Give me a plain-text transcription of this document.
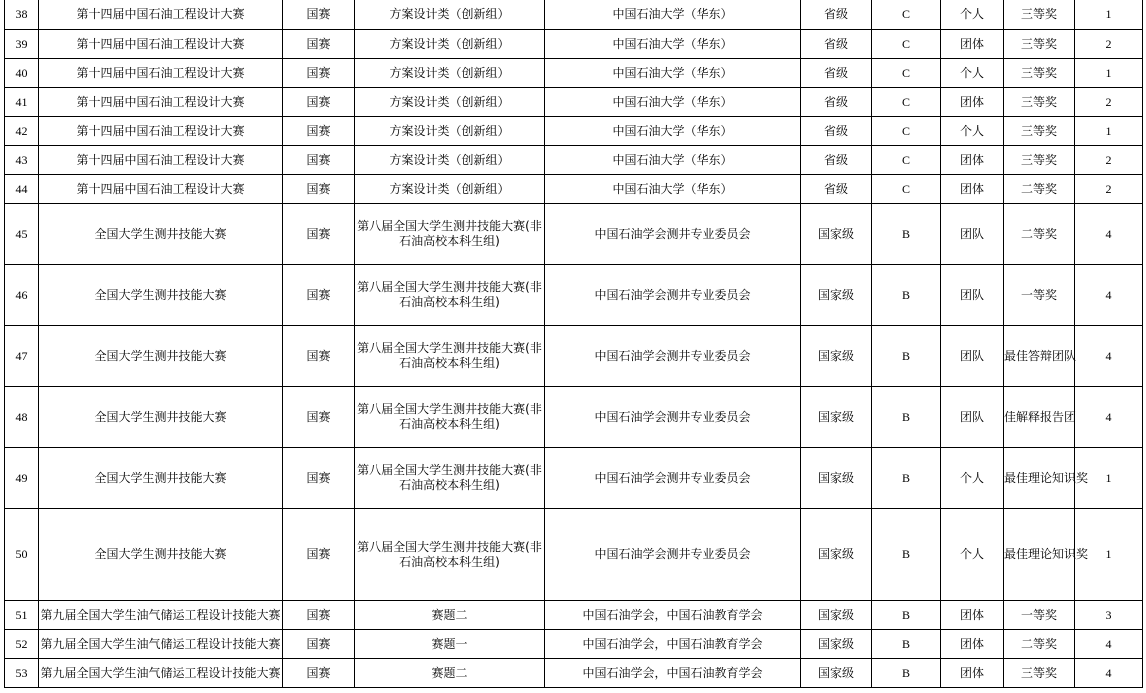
38	第十四届中国石油工程设计大赛	国赛	方案设计类（创新组）	中国石油大学（华东）	省级	C	个人	三等奖	1
39	第十四届中国石油工程设计大赛	国赛	方案设计类（创新组）	中国石油大学（华东）	省级	C	团体	三等奖	2
40	第十四届中国石油工程设计大赛	国赛	方案设计类（创新组）	中国石油大学（华东）	省级	C	个人	三等奖	1
41	第十四届中国石油工程设计大赛	国赛	方案设计类（创新组）	中国石油大学（华东）	省级	C	团体	三等奖	2
42	第十四届中国石油工程设计大赛	国赛	方案设计类（创新组）	中国石油大学（华东）	省级	C	个人	三等奖	1
43	第十四届中国石油工程设计大赛	国赛	方案设计类（创新组）	中国石油大学（华东）	省级	C	团体	三等奖	2
44	第十四届中国石油工程设计大赛	国赛	方案设计类（创新组）	中国石油大学（华东）	省级	C	团体	二等奖	2
45	全国大学生测井技能大赛	国赛	第八届全国大学生测井技能大赛(非石油高校本科生组)	中国石油学会测井专业委员会	国家级	B	团队	二等奖	4
46	全国大学生测井技能大赛	国赛	第八届全国大学生测井技能大赛(非石油高校本科生组)	中国石油学会测井专业委员会	国家级	B	团队	一等奖	4
47	全国大学生测井技能大赛	国赛	第八届全国大学生测井技能大赛(非石油高校本科生组)	中国石油学会测井专业委员会	国家级	B	团队	最佳答辩团队	4
48	全国大学生测井技能大赛	国赛	第八届全国大学生测井技能大赛(非石油高校本科生组)	中国石油学会测井专业委员会	国家级	B	团队	佳解释报告团	4
49	全国大学生测井技能大赛	国赛	第八届全国大学生测井技能大赛(非石油高校本科生组)	中国石油学会测井专业委员会	国家级	B	个人	最佳理论知识奖	1
50	全国大学生测井技能大赛	国赛	第八届全国大学生测井技能大赛(非石油高校本科生组)	中国石油学会测井专业委员会	国家级	B	个人	最佳理论知识奖	1
51	第九届全国大学生油气储运工程设计技能大赛	国赛	赛题二	中国石油学会，中国石油教育学会	国家级	B	团体	一等奖	3
52	第九届全国大学生油气储运工程设计技能大赛	国赛	赛题一	中国石油学会，中国石油教育学会	国家级	B	团体	二等奖	4
53	第九届全国大学生油气储运工程设计技能大赛	国赛	赛题二	中国石油学会，中国石油教育学会	国家级	B	团体	三等奖	4
